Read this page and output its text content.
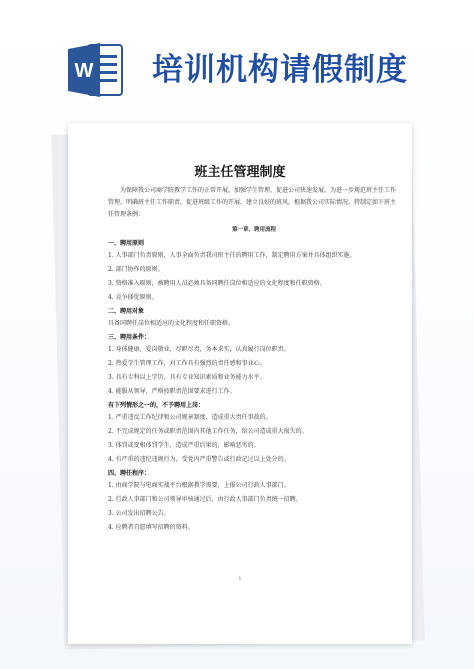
W 培训机构请假制度
班主任管理制度

为保障我公司商学院教学工作的正常开展，加强学生管理，促进公司快速发展，为进一步规范班主任工作管理，明确班主任工作职责，促进班级工作的开展，建立良好的班风，根据我公司实际情况，特制定如下班主任管理条例：

第一章、聘用流程

一、聘用原则

1. 人事部门负责原则，人事全面负责我司班主任的聘用工作，制定聘用方案并具体组织实施。

2. 部门协作的原则。

3. 资格准入原则，被聘用人员必须具备同聘任岗位相适应的文化程度和任职资格。

4. 竞争择优原则。

二、聘用对象

具备同聘任岗位相适应的文化程度和任职资格。

三、聘用条件：

1. 身体健康，爱岗敬业，尽职尽责，务本求实，认真履行岗位职责。

2. 热爱学生管理工作，对工作具有强烈的责任感和事业心。

3. 具有专科以上学历，具有专业知识素质和业务能力水平。

4. 能服从领导，严格按职责范围要求进行工作。

有下列情形之一的，不予聘用上岗：

1. 严重违反工作纪律和公司规章制度，造成重大责任事故的。

2. 不完成规定的任务或职责范围内其他工作任务，给公司造成重大损失的。

3. 体罚或变相体罚学生，造成严重后果的，影响恶劣的。

4. 有严重的违纪违规行为，受党内严重警告或行政记过以上处分的。

四、聘任程序：

1. 由商学院与电商实战平台根据教学需要，上报公司行政人事部门。

2. 行政人事部门和公司领导审核通过后，由行政人事部门负责统一招聘。

3. 公司发出招聘公告。

4. 应聘者自愿填写招聘的资料。

1
